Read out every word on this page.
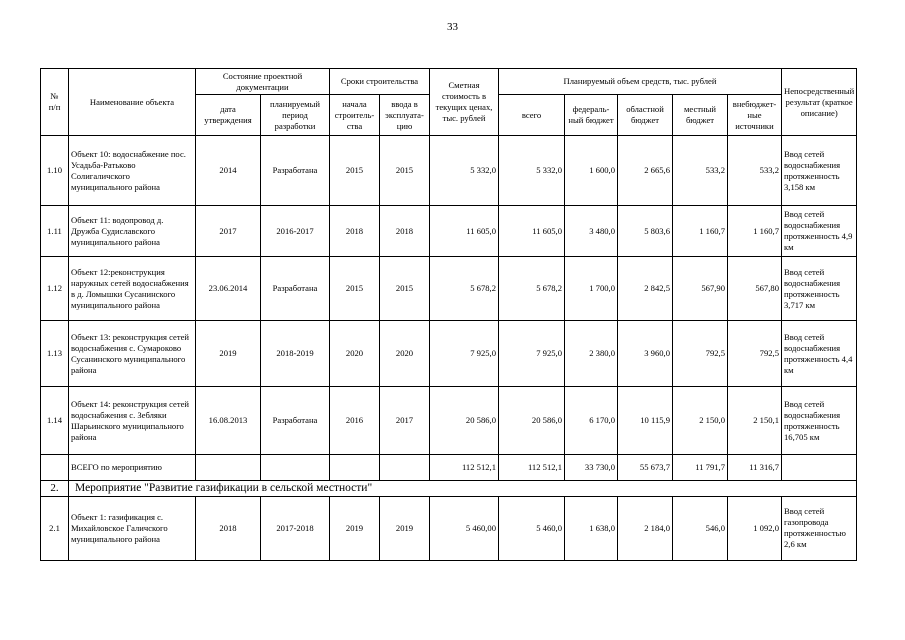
33
№
п/п	Наименование объекта	Состояние проектной документации		Сроки строительства		Сметная стоимость в текущих ценах, тыс. рублей	Планируемый объем средств, тыс. рублей					Непосредственный результат (краткое описание)
		дата утверждения	планируемый период разработки	начала строитель-ства	ввода в эксплуата-цию		всего	федераль-ный бюджет	областной бюджет	местный бюджет	внебюджет-ные источники	
1.10	Объект 10: водоснабжение пос. Усадьба-Ратьково Солигаличского муниципального района	2014	Разработана	2015	2015	5 332,0	5 332,0	1 600,0	2 665,6	533,2	533,2	Ввод сетей водоснабжения протяженность 3,158 км
1.11	Объект 11: водопровод д. Дружба Судиславского муниципального района	2017	2016-2017	2018	2018	11 605,0	11 605,0	3 480,0	5 803,6	1 160,7	1 160,7	Ввод сетей водоснабжения протяженность 4,9 км
1.12	Объект 12:реконструкция наружных сетей водоснабжения в д. Ломышки Сусанинского муниципального района	23.06.2014	Разработана	2015	2015	5 678,2	5 678,2	1 700,0	2 842,5	567,90	567,80	Ввод сетей водоснабжения протяженность 3,717 км
1.13	Объект 13: реконструкция сетей водоснабжения с. Сумароково Сусанинского муниципального района	2019	2018-2019	2020	2020	7 925,0	7 925,0	2 380,0	3 960,0	792,5	792,5	Ввод сетей водоснабжения протяженность 4,4 км
1.14	Объект 14: реконструкция сетей водоснабжения с. Зебляки Шарьинского муниципального района	16.08.2013	Разработана	2016	2017	20 586,0	20 586,0	6 170,0	10 115,9	2 150,0	2 150,1	Ввод сетей водоснабжения протяженность 16,705 км
	ВСЕГО по мероприятию					112 512,1	112 512,1	33 730,0	55 673,7	11 791,7	11 316,7	
2.	Мероприятие "Развитие газификации в сельской местности"											
2.1	Объект 1: газификация с. Михайловское Галичского муниципального района	2018	2017-2018	2019	2019	5 460,00	5 460,0	1 638,0	2 184,0	546,0	1 092,0	Ввод сетей газопровода протяженностью 2,6 км
